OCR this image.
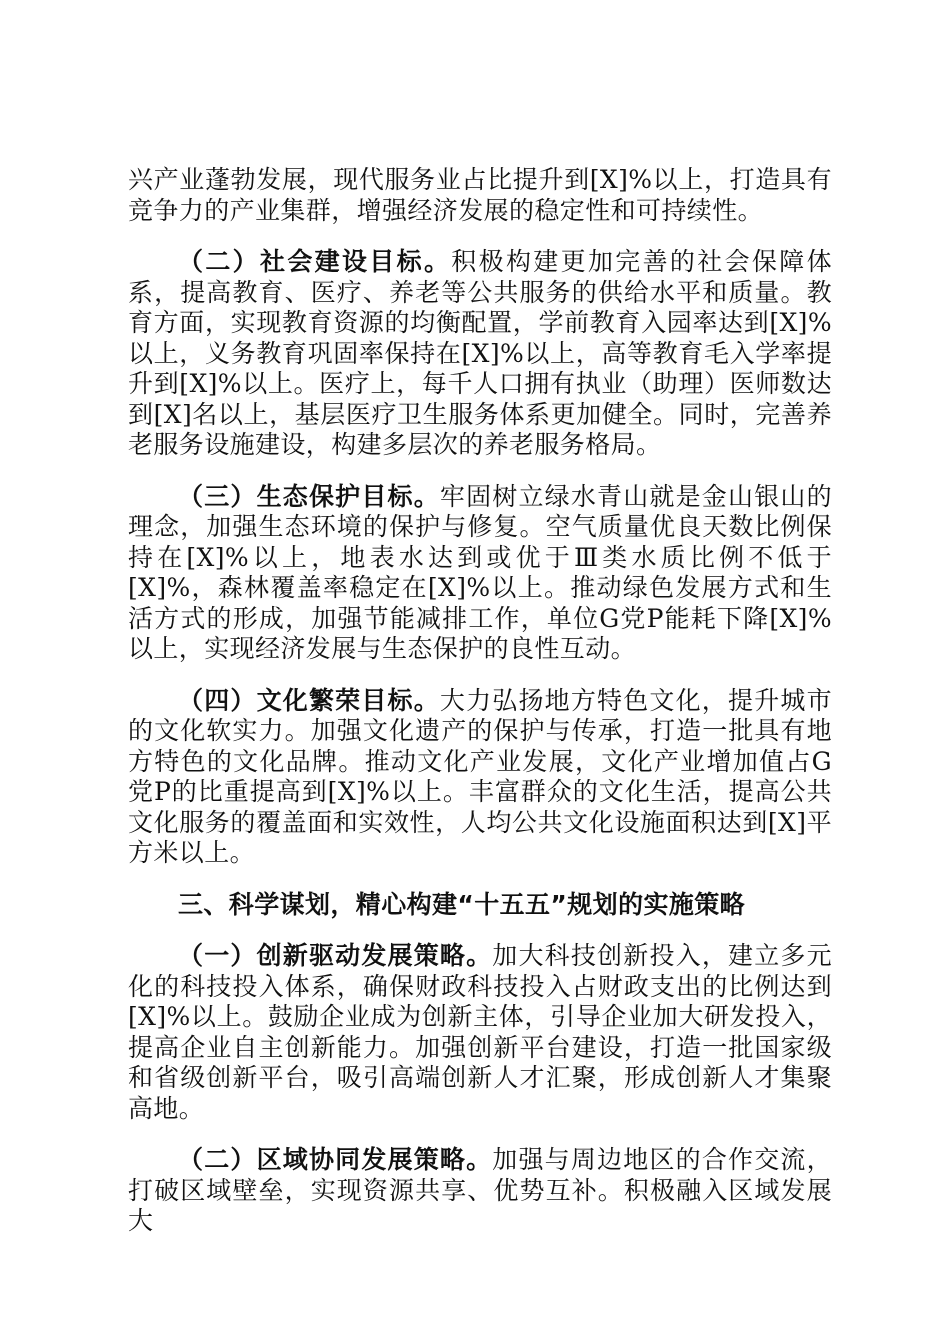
兴产业蓬勃发展，现代服务业占比提升到[X]%以上，打造具有竞争力的产业集群，增强经济发展的稳定性和可持续性。

（二）社会建设目标。积极构建更加完善的社会保障体系，提高教育、医疗、养老等公共服务的供给水平和质量。教育方面，实现教育资源的均衡配置，学前教育入园率达到[X]%以上，义务教育巩固率保持在[X]%以上，高等教育毛入学率提升到[X]%以上。医疗上，每千人口拥有执业（助理）医师数达到[X]名以上，基层医疗卫生服务体系更加健全。同时，完善养老服务设施建设，构建多层次的养老服务格局。

（三）生态保护目标。牢固树立绿水青山就是金山银山的理念，加强生态环境的保护与修复。空气质量优良天数比例保持在[X]%以上，地表水达到或优于Ⅲ类水质比例不低于[X]%，森林覆盖率稳定在[X]%以上。推动绿色发展方式和生活方式的形成，加强节能减排工作，单位G党P能耗下降[X]%以上，实现经济发展与生态保护的良性互动。

（四）文化繁荣目标。大力弘扬地方特色文化，提升城市的文化软实力。加强文化遗产的保护与传承，打造一批具有地方特色的文化品牌。推动文化产业发展，文化产业增加值占G党P的比重提高到[X]%以上。丰富群众的文化生活，提高公共文化服务的覆盖面和实效性，人均公共文化设施面积达到[X]平方米以上。

三、科学谋划，精心构建“十五五”规划的实施策略

（一）创新驱动发展策略。加大科技创新投入，建立多元化的科技投入体系，确保财政科技投入占财政支出的比例达到[X]%以上。鼓励企业成为创新主体，引导企业加大研发投入，提高企业自主创新能力。加强创新平台建设，打造一批国家级和省级创新平台，吸引高端创新人才汇聚，形成创新人才集聚高地。

（二）区域协同发展策略。加强与周边地区的合作交流，打破区域壁垒，实现资源共享、优势互补。积极融入区域发展大
